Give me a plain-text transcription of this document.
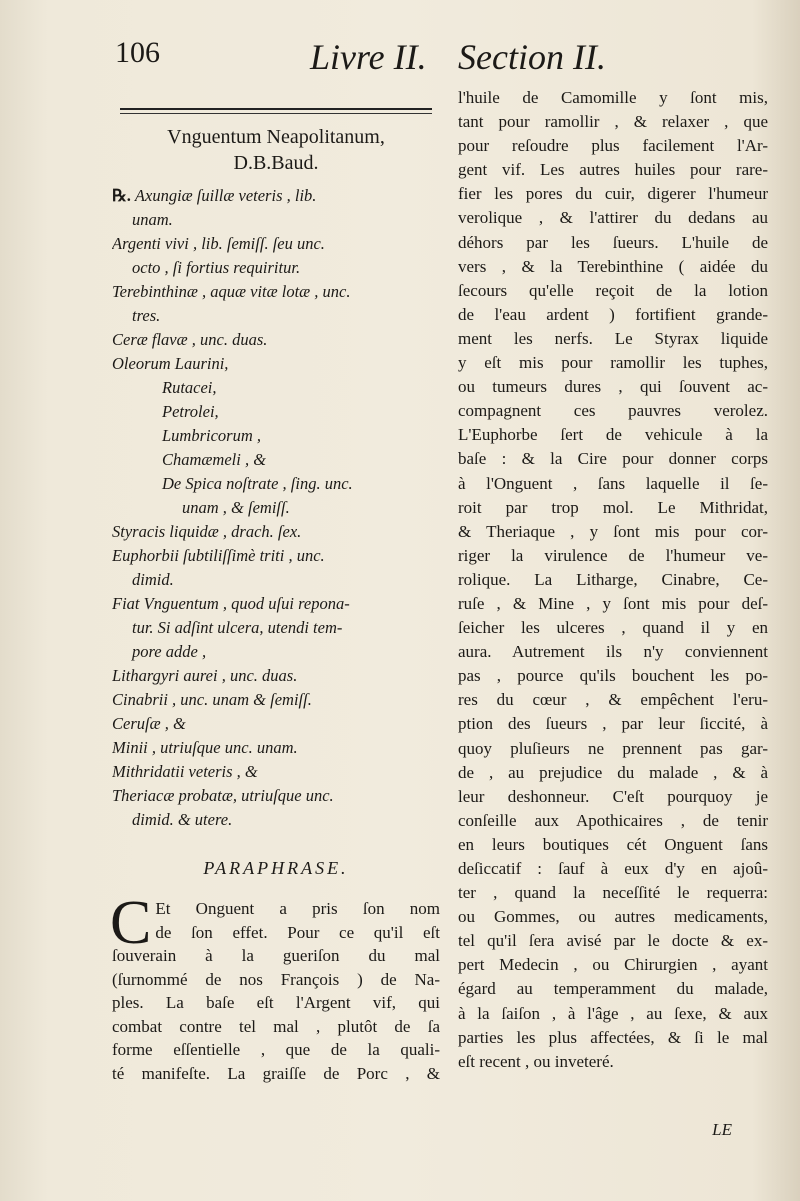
106	Livre II. Section II.
Vnguentum Neapolitanum,
D.B.Baud.
℞. Axungiæ ſuillæ veteris , lib.
unam.
Argenti vivi , lib. ſemiſſ. ſeu unc.
octo , ſi fortius requiritur.
Terebinthinæ , aquæ vitæ lotæ , unc.
tres.
Ceræ flavæ , unc. duas.
Oleorum Laurini,
Rutacei,
Petrolei,
Lumbricorum ,
Chamæmeli , &
De Spica noſtrate , ſing. unc.
unam , & ſemiſſ.
Styracis liquidæ , drach. ſex.
Euphorbii ſubtiliſſimè triti , unc.
dimid.
Fiat Vnguentum , quod uſui repona-
tur. Si adſint ulcera, utendi tem-
pore adde ,
Lithargyri aurei , unc. duas.
Cinabrii , unc. unam & ſemiſſ.
Ceruſæ , &
Minii , utriuſque unc. unam.
Mithridatii veteris , &
Theriacæ probatæ, utriuſque unc.
dimid. & utere.
PARAPHRASE.
C Et Onguent a pris ſon nom
de ſon effet. Pour ce qu'il eſt
ſouverain à la gueriſon du mal
(ſurnommé de nos François ) de Na-
ples. La baſe eſt l'Argent vif, qui
combat contre tel mal , plutôt de ſa
forme eſſentielle , que de la quali-
té manifeſte. La graiſſe de Porc , &
l'huile de Camomille y ſont mis,
tant pour ramollir , & relaxer , que
pour reſoudre plus facilement l'Ar-
gent vif. Les autres huiles pour rare-
fier les pores du cuir, digerer l'humeur
verolique , & l'attirer du dedans au
déhors par les ſueurs. L'huile de
vers , & la Terebinthine ( aidée du
ſecours qu'elle reçoit de la lotion
de l'eau ardent ) fortifient grande-
ment les nerfs. Le Styrax liquide
y eſt mis pour ramollir les tuphes,
ou tumeurs dures , qui ſouvent ac-
compagnent ces pauvres verolez.
L'Euphorbe ſert de vehicule à la
baſe : & la Cire pour donner corps
à l'Onguent , ſans laquelle il ſe-
roit par trop mol. Le Mithridat,
& Theriaque , y ſont mis pour cor-
riger la virulence de l'humeur ve-
rolique. La Litharge, Cinabre, Ce-
ruſe , & Mine , y ſont mis pour deſ-
ſeicher les ulceres , quand il y en
aura. Autrement ils n'y conviennent
pas , pource qu'ils bouchent les po-
res du cœur , & empêchent l'eru-
ption des ſueurs , par leur ſiccité, à
quoy pluſieurs ne prennent pas gar-
de , au prejudice du malade , & à
leur deshonneur. C'eſt pourquoy je
conſeille aux Apothicaires , de tenir
en leurs boutiques cét Onguent ſans
deſiccatif : ſauf à eux d'y en ajoû-
ter , quand la neceſſité le requerra:
ou Gommes, ou autres medicaments,
tel qu'il ſera avisé par le docte & ex-
pert Medecin , ou Chirurgien , ayant
égard au temperamment du malade,
à la ſaiſon , à l'âge , au ſexe, & aux
parties les plus affectées, & ſi le mal
eſt recent , ou inveteré.
LE
